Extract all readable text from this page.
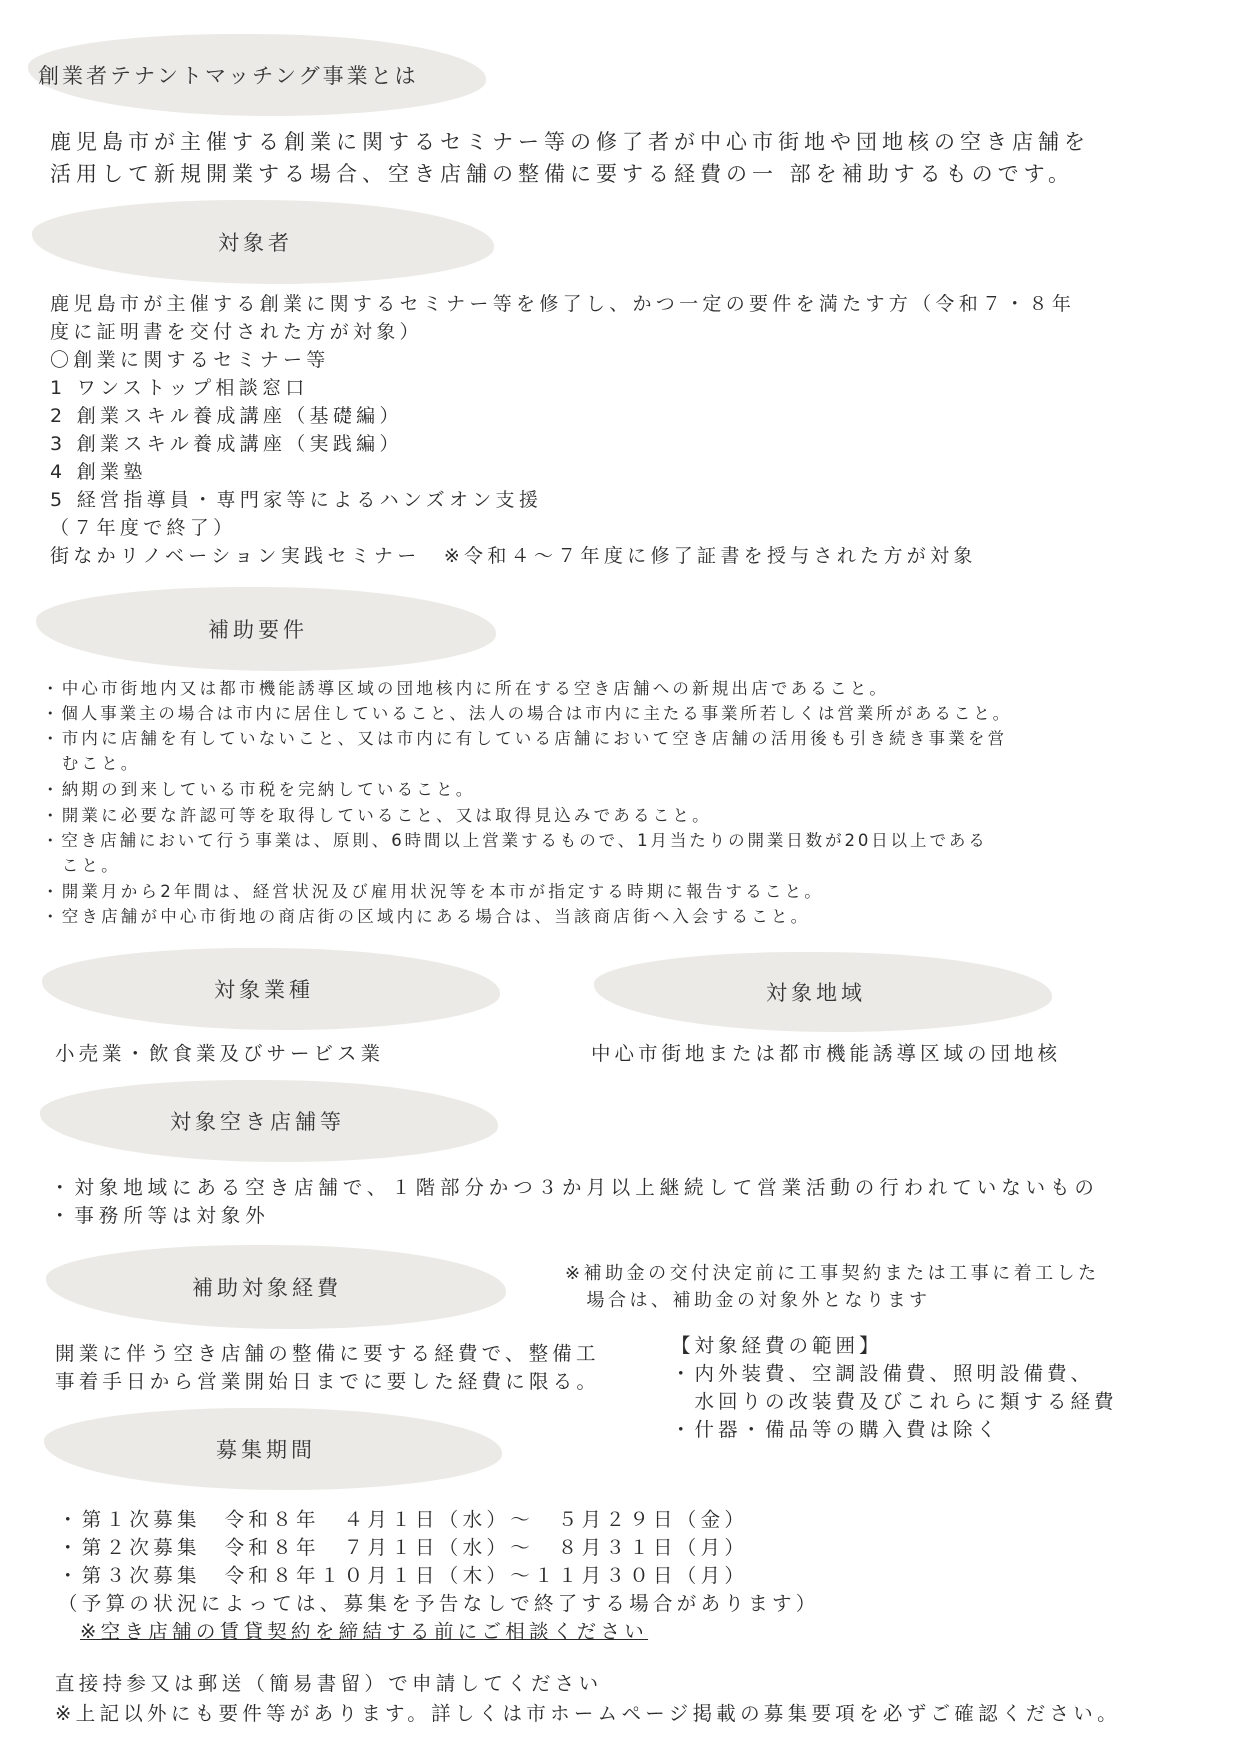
創業者テナントマッチング事業とは
鹿児島市が主催する創業に関するセミナー等の修了者が中心市街地や団地核の空き店舗を
活用して新規開業する場合、空き店舗の整備に要する経費の一 部を補助するものです。
対象者
鹿児島市が主催する創業に関するセミナー等を修了し、かつ一定の要件を満たす方（令和７・８年
度に証明書を交付された方が対象）
〇創業に関するセミナー等
1 ワンストップ相談窓口
2 創業スキル養成講座（基礎編）
3 創業スキル養成講座（実践編）
4 創業塾
5 経営指導員・専門家等によるハンズオン支援
（７年度で終了）
街なかリノベーション実践セミナー　※令和４～７年度に修了証書を授与された方が対象
補助要件
・中心市街地内又は都市機能誘導区域の団地核内に所在する空き店舗への新規出店であること。
・個人事業主の場合は市内に居住していること、法人の場合は市内に主たる事業所若しくは営業所があること。
・市内に店舗を有していないこと、又は市内に有している店舗において空き店舗の活用後も引き続き事業を営
　むこと。
・納期の到来している市税を完納していること。
・開業に必要な許認可等を取得していること、又は取得見込みであること。
・空き店舗において行う事業は、原則、6時間以上営業するもので、1月当たりの開業日数が20日以上である
　こと。
・開業月から2年間は、経営状況及び雇用状況等を本市が指定する時期に報告すること。
・空き店舗が中心市街地の商店街の区域内にある場合は、当該商店街へ入会すること。
対象業種	対象地域
小売業・飲食業及びサービス業	中心市街地または都市機能誘導区域の団地核
対象空き店舗等
・対象地域にある空き店舗で、１階部分かつ３か月以上継続して営業活動の行われていないもの
・事務所等は対象外
補助対象経費
※補助金の交付決定前に工事契約または工事に着工した
　場合は、補助金の対象外となります
開業に伴う空き店舗の整備に要する経費で、整備工
事着手日から営業開始日までに要した経費に限る。
【対象経費の範囲】
・内外装費、空調設備費、照明設備費、
　水回りの改装費及びこれらに類する経費
・什器・備品等の購入費は除く
募集期間
・第１次募集　令和８年　４月１日（水）～　５月２９日（金）
・第２次募集　令和８年　７月１日（水）～　８月３１日（月）
・第３次募集　令和８年１０月１日（木）～１１月３０日（月）
（予算の状況によっては、募集を予告なしで終了する場合があります）
※空き店舗の賃貸契約を締結する前にご相談ください
直接持参又は郵送（簡易書留）で申請してください
※上記以外にも要件等があります。詳しくは市ホームページ掲載の募集要項を必ずご確認ください。
